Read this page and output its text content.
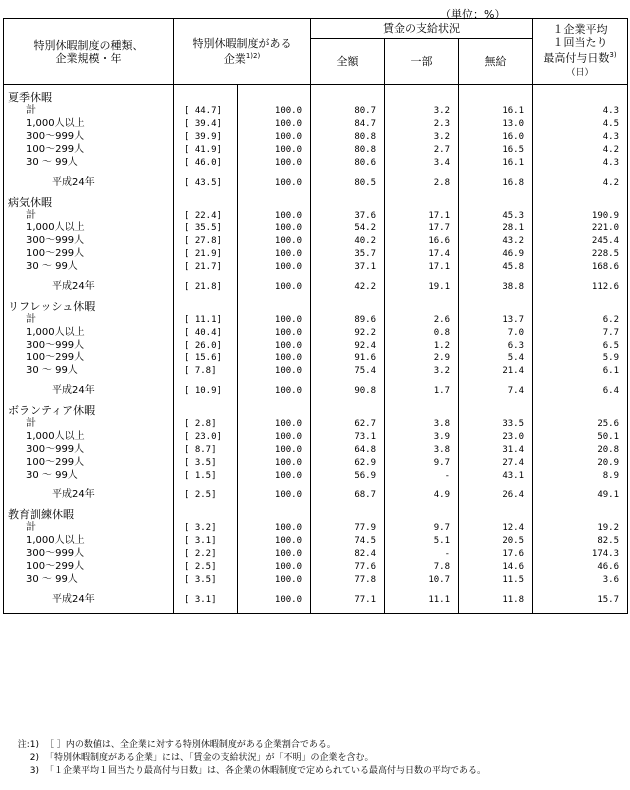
（単位：%）
特別休暇制度の種類、
企業規模・年	特別休暇制度がある
企業$^{1)2)}$		賃金の支給状況			１企業平均
１回当たり
最高付与日数$^{3)}$
（日）
			全額	一部	無給	

夏季休暇						
計	[ 44.7]	100.0	80.7	3.2	16.1	4.3
1,000人以上	[ 39.4]	100.0	84.7	2.3	13.0	4.5
300～999人	[ 39.9]	100.0	80.8	3.2	16.0	4.3
100～299人	[ 41.9]	100.0	80.8	2.7	16.5	4.2
30 ～ 99人	[ 46.0]	100.0	80.6	3.4	16.1	4.3

平成24年	[ 43.5]	100.0	80.5	2.8	16.8	4.2

病気休暇						
計	[ 22.4]	100.0	37.6	17.1	45.3	190.9
1,000人以上	[ 35.5]	100.0	54.2	17.7	28.1	221.0
300～999人	[ 27.8]	100.0	40.2	16.6	43.2	245.4
100～299人	[ 21.9]	100.0	35.7	17.4	46.9	228.5
30 ～ 99人	[ 21.7]	100.0	37.1	17.1	45.8	168.6

平成24年	[ 21.8]	100.0	42.2	19.1	38.8	112.6

リフレッシュ休暇						
計	[ 11.1]	100.0	89.6	2.6	13.7	6.2
1,000人以上	[ 40.4]	100.0	92.2	0.8	7.0	7.7
300～999人	[ 26.0]	100.0	92.4	1.2	6.3	6.5
100～299人	[ 15.6]	100.0	91.6	2.9	5.4	5.9
30 ～ 99人	[ 7.8]	100.0	75.4	3.2	21.4	6.1

平成24年	[ 10.9]	100.0	90.8	1.7	7.4	6.4

ボランティア休暇						
計	[ 2.8]	100.0	62.7	3.8	33.5	25.6
1,000人以上	[ 23.0]	100.0	73.1	3.9	23.0	50.1
300～999人	[ 8.7]	100.0	64.8	3.8	31.4	20.8
100～299人	[ 3.5]	100.0	62.9	9.7	27.4	20.9
30 ～ 99人	[ 1.5]	100.0	56.9	-	43.1	8.9

平成24年	[ 2.5]	100.0	68.7	4.9	26.4	49.1

教育訓練休暇						
計	[ 3.2]	100.0	77.9	9.7	12.4	19.2
1,000人以上	[ 3.1]	100.0	74.5	5.1	20.5	82.5
300～999人	[ 2.2]	100.0	82.4	-	17.6	174.3
100～299人	[ 2.5]	100.0	77.6	7.8	14.6	46.6
30 ～ 99人	[ 3.5]	100.0	77.8	10.7	11.5	3.6

平成24年	[ 3.1]	100.0	77.1	11.1	11.8	15.7

注:1) ［ ］内の数値は、全企業に対する特別休暇制度がある企業割合である。
2) 「特別休暇制度がある企業」には、「賃金の支給状況」が「不明」の企業を含む。
3) 「１企業平均１回当たり最高付与日数」は、各企業の休暇制度で定められている最高付与日数の平均である。
